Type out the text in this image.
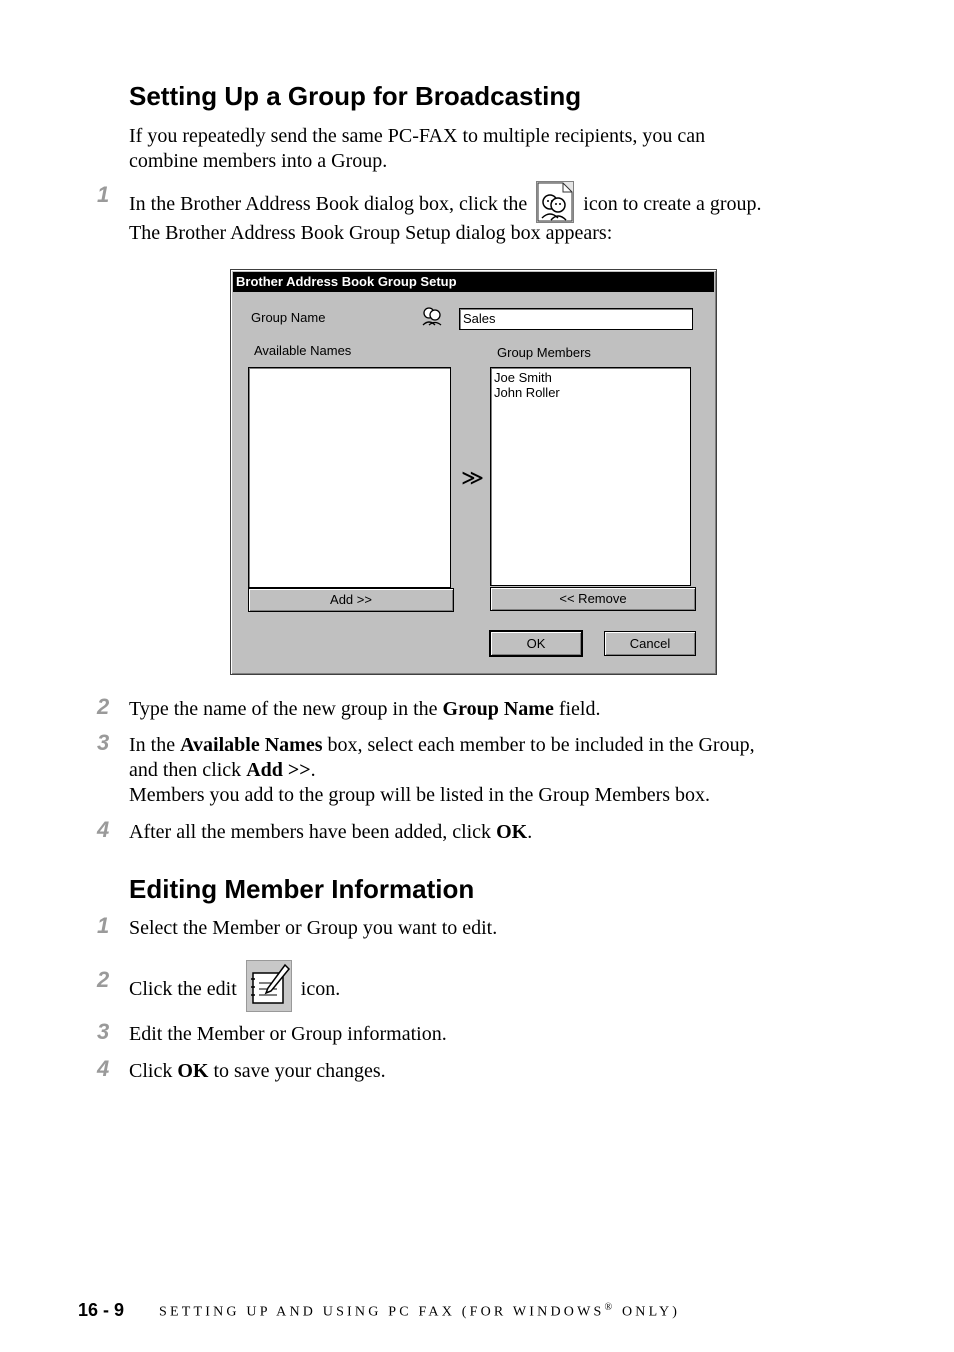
Setting Up a Group for Broadcasting
If you repeatedly send the same PC-FAX to multiple recipients, you can
combine members into a Group.
1 In the Brother Address Book dialog box, click the	icon to create a group.
The Brother Address Book Group Setup dialog box appears:
Brother Address Book Group Setup
Group Name	Sales
Available Names	Group Members
≫
Joe Smith
John Roller
Add >>	<< Remove
OK	Cancel
2 Type the name of the new group in the Group Name field.
3 In the Available Names box, select each member to be included in the Group,
and then click Add >>.
Members you add to the group will be listed in the Group Members box.
4 After all the members have been added, click OK.
Editing Member Information
1 Select the Member or Group you want to edit.
2 Click the edit	icon.
3 Edit the Member or Group information.
4 Click OK to save your changes.
16 - 9 SETTING UP AND USING PC FAX (FOR WINDOWS® ONLY)
